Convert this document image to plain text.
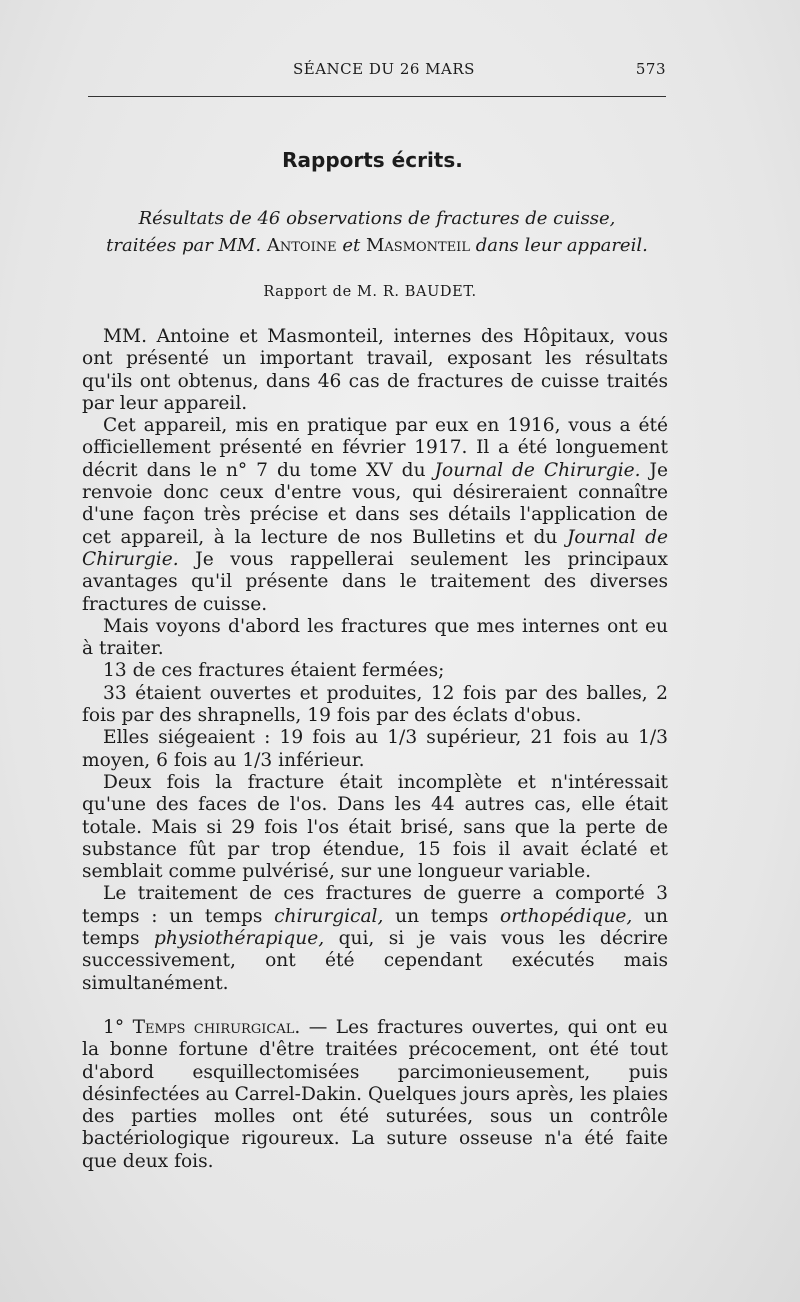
SÉANCE DU 26 MARS	573
Rapports écrits.
Résultats de 46 observations de fractures de cuisse,
traitées par MM. Antoine et Masmonteil dans leur appareil.
Rapport de M. R. BAUDET.

MM. Antoine et Masmonteil, internes des Hôpitaux, vous ont présenté un important travail, exposant les résultats qu'ils ont obtenus, dans 46 cas de fractures de cuisse traités par leur appareil.

Cet appareil, mis en pratique par eux en 1916, vous a été officiellement présenté en février 1917. Il a été longuement décrit dans le n° 7 du tome XV du Journal de Chirurgie. Je renvoie donc ceux d'entre vous, qui désireraient connaître d'une façon très précise et dans ses détails l'application de cet appareil, à la lecture de nos Bulletins et du Journal de Chirurgie. Je vous rappellerai seulement les principaux avantages qu'il présente dans le traitement des diverses fractures de cuisse.

Mais voyons d'abord les fractures que mes internes ont eu à traiter.

13 de ces fractures étaient fermées;

33 étaient ouvertes et produites, 12 fois par des balles, 2 fois par des shrapnells, 19 fois par des éclats d'obus.

Elles siégeaient : 19 fois au 1/3 supérieur, 21 fois au 1/3 moyen, 6 fois au 1/3 inférieur.

Deux fois la fracture était incomplète et n'intéressait qu'une des faces de l'os. Dans les 44 autres cas, elle était totale. Mais si 29 fois l'os était brisé, sans que la perte de substance fût par trop étendue, 15 fois il avait éclaté et semblait comme pulvérisé, sur une longueur variable.

Le traitement de ces fractures de guerre a comporté 3 temps : un temps chirurgical, un temps orthopédique, un temps physiothérapique, qui, si je vais vous les décrire successivement, ont été cependant exécutés mais simultanément.

1° Temps chirurgical. — Les fractures ouvertes, qui ont eu la bonne fortune d'être traitées précocement, ont été tout d'abord esquillectomisées parcimonieusement, puis désinfectées au Carrel-Dakin. Quelques jours après, les plaies des parties molles ont été suturées, sous un contrôle bactériologique rigoureux. La suture osseuse n'a été faite que deux fois.
